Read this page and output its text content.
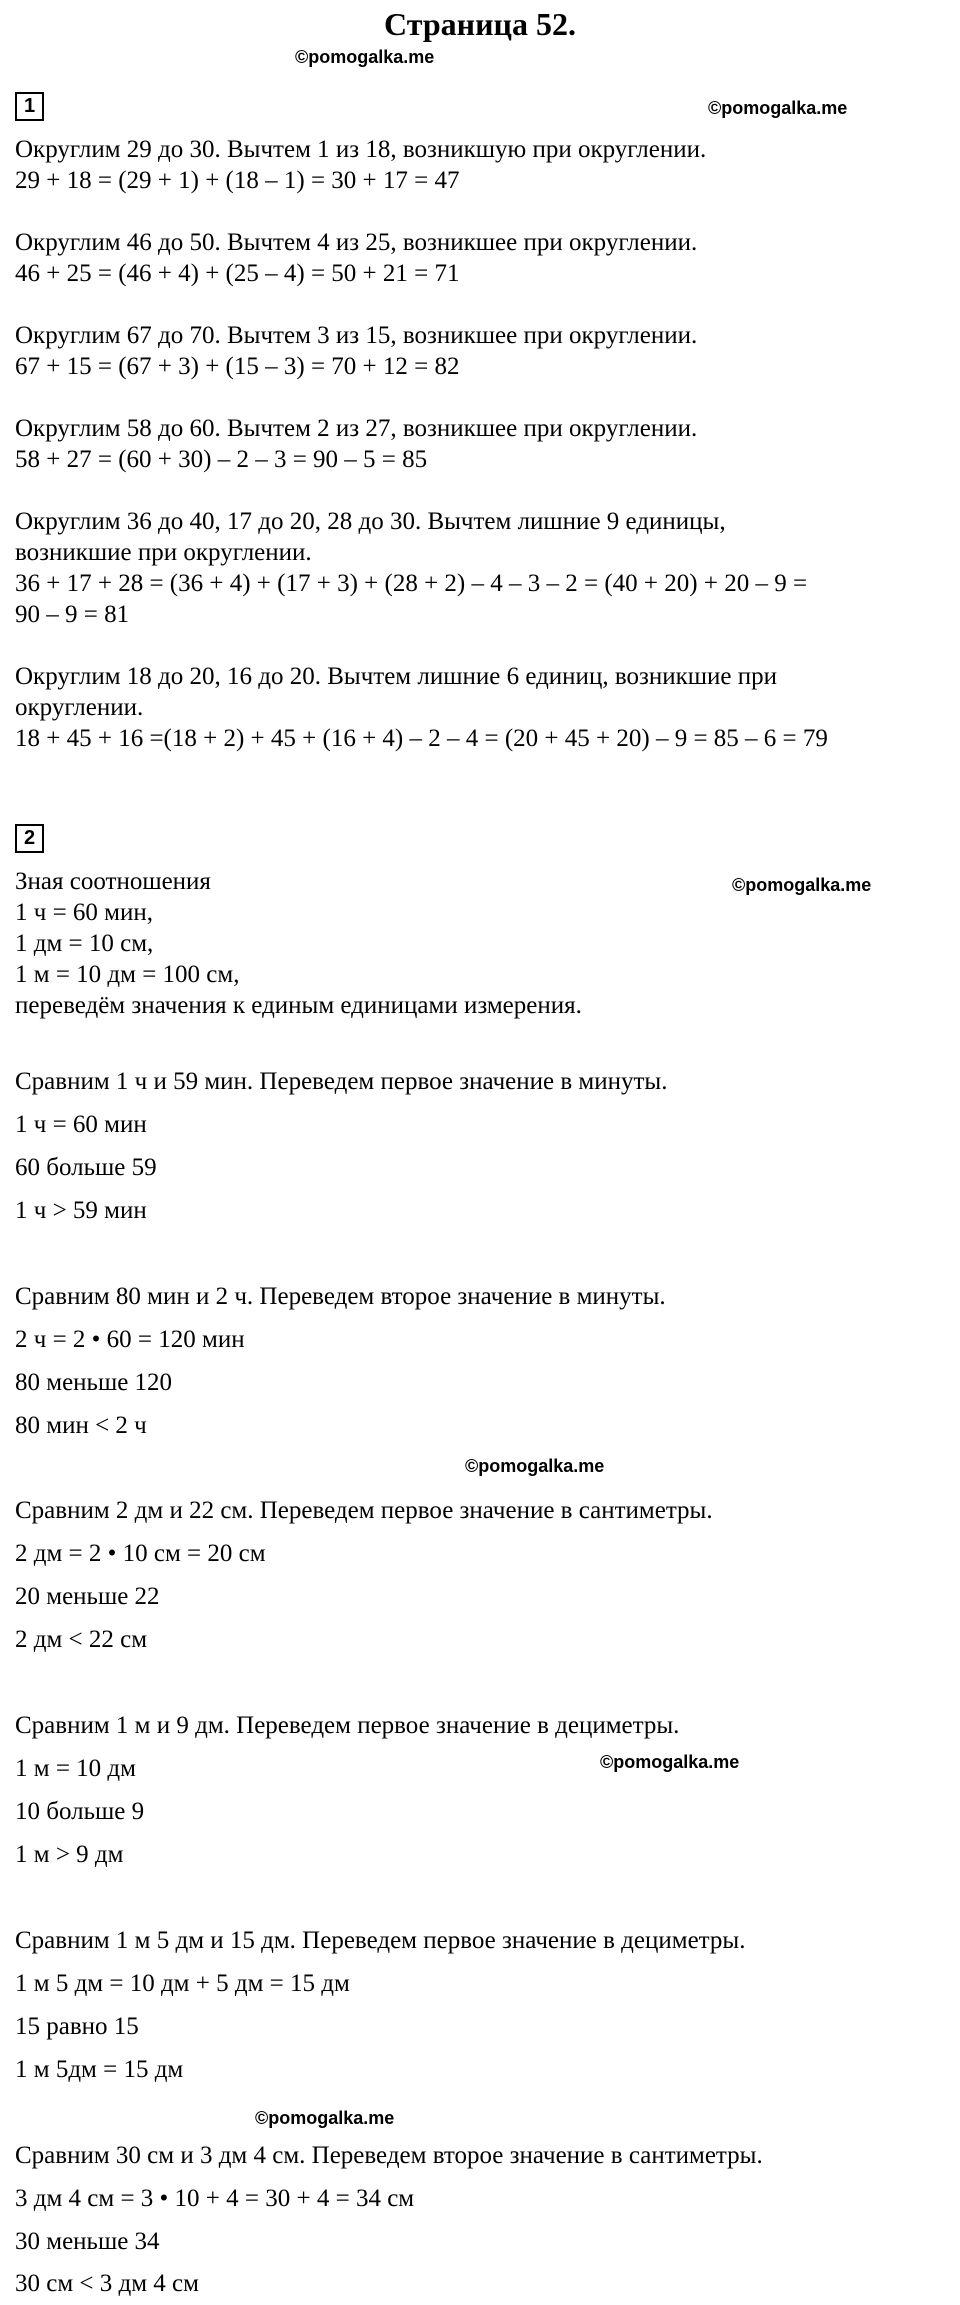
Страница 52.
©pomogalka.me
©pomogalka.me
©pomogalka.me
©pomogalka.me
©pomogalka.me
©pomogalka.me
1
Округлим 29 до 30. Вычтем 1 из 18, возникшую при округлении.
29 + 18 = (29 + 1) + (18 – 1) = 30 + 17 = 47
Округлим 46 до 50. Вычтем 4 из 25, возникшее при округлении.
46 + 25 = (46 + 4) + (25 – 4) = 50 + 21 = 71
Округлим 67 до 70. Вычтем 3 из 15, возникшее при округлении.
67 + 15 = (67 + 3) + (15 – 3) = 70 + 12 = 82
Округлим 58 до 60. Вычтем 2 из 27, возникшее при округлении.
58 + 27 = (60 + 30) – 2 – 3 = 90 – 5 = 85
Округлим 36 до 40, 17 до 20, 28 до 30. Вычтем лишние 9 единицы,
возникшие при округлении.
36 + 17 + 28 = (36 + 4) + (17 + 3) + (28 + 2) – 4 – 3 – 2 = (40 + 20) + 20 – 9 =
90 – 9 = 81
Округлим 18 до 20, 16 до 20. Вычтем лишние 6 единиц, возникшие при
округлении.
18 + 45 + 16 =(18 + 2) + 45 + (16 + 4) – 2 – 4 = (20 + 45 + 20) – 9 = 85 – 6 = 79
2
Зная соотношения
1 ч = 60 мин,
1 дм = 10 см,
1 м = 10 дм = 100 см,
переведём значения к единым единицами измерения.
Сравним 1 ч и 59 мин. Переведем первое значение в минуты.
1 ч = 60 мин
60 больше 59
1 ч > 59 мин
Сравним 80 мин и 2 ч. Переведем второе значение в минуты.
2 ч = 2 • 60 = 120 мин
80 меньше 120
80 мин < 2 ч
Сравним 2 дм и 22 см. Переведем первое значение в сантиметры.
2 дм = 2 • 10 см = 20 см
20 меньше 22
2 дм < 22 см
Сравним 1 м и 9 дм. Переведем первое значение в дециметры.
1 м = 10 дм
10 больше 9
1 м > 9 дм
Сравним 1 м 5 дм и 15 дм. Переведем первое значение в дециметры.
1 м 5 дм = 10 дм + 5 дм = 15 дм
15 равно 15
1 м 5дм = 15 дм
Сравним 30 см и 3 дм 4 см. Переведем второе значение в сантиметры.
3 дм 4 см = 3 • 10 + 4 = 30 + 4 = 34 см
30 меньше 34
30 см < 3 дм 4 см
